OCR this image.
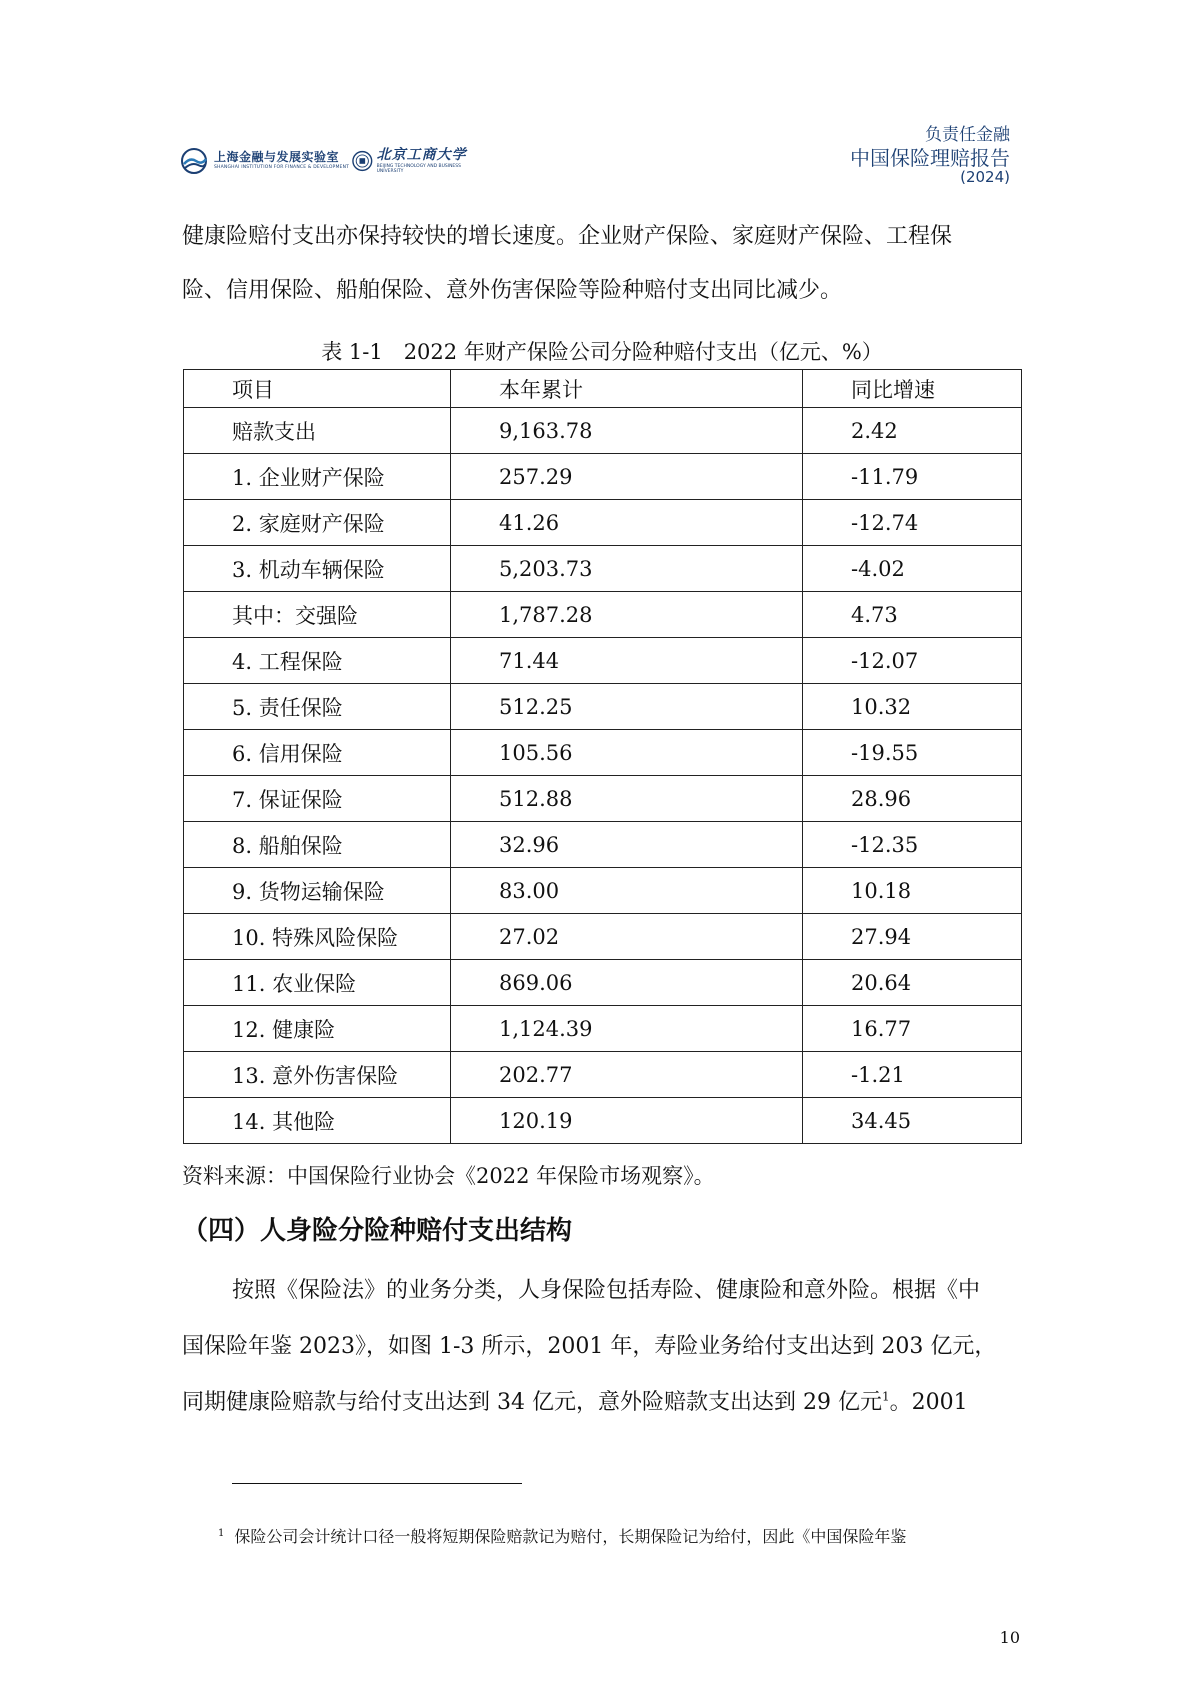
上海金融与发展实验室
SHANGHAI INSTITUTION FOR FINANCE & DEVELOPMENT
北京工商大学
BEIJING TECHNOLOGY AND BUSINESS UNIVERSITY
负责任金融
中国保险理赔报告
(2024)
健康险赔付支出亦保持较快的增长速度。企业财产保险、家庭财产保险、工程保
险、信用保险、船舶保险、意外伤害保险等险种赔付支出同比减少。
表 1-1　2022 年财产保险公司分险种赔付支出（亿元、%）
项目	本年累计	同比增速
赔款支出	9,163.78	2.42
1. 企业财产保险	257.29	-11.79
2. 家庭财产保险	41.26	-12.74
3. 机动车辆保险	5,203.73	-4.02
其中：交强险	1,787.28	4.73
4. 工程保险	71.44	-12.07
5. 责任保险	512.25	10.32
6. 信用保险	105.56	-19.55
7. 保证保险	512.88	28.96
8. 船舶保险	32.96	-12.35
9. 货物运输保险	83.00	10.18
10. 特殊风险保险	27.02	27.94
11. 农业保险	869.06	20.64
12. 健康险	1,124.39	16.77
13. 意外伤害保险	202.77	-1.21
14. 其他险	120.19	34.45
资料来源：中国保险行业协会《2022 年保险市场观察》。
（四）人身险分险种赔付支出结构
按照《保险法》的业务分类，人身保险包括寿险、健康险和意外险。根据《中
国保险年鉴 2023》，如图 1-3 所示，2001 年，寿险业务给付支出达到 203 亿元，
同期健康险赔款与给付支出达到 34 亿元，意外险赔款支出达到 29 亿元$^1$。2001
$^1$ 保险公司会计统计口径一般将短期保险赔款记为赔付，长期保险记为给付，因此《中国保险年鉴
10
